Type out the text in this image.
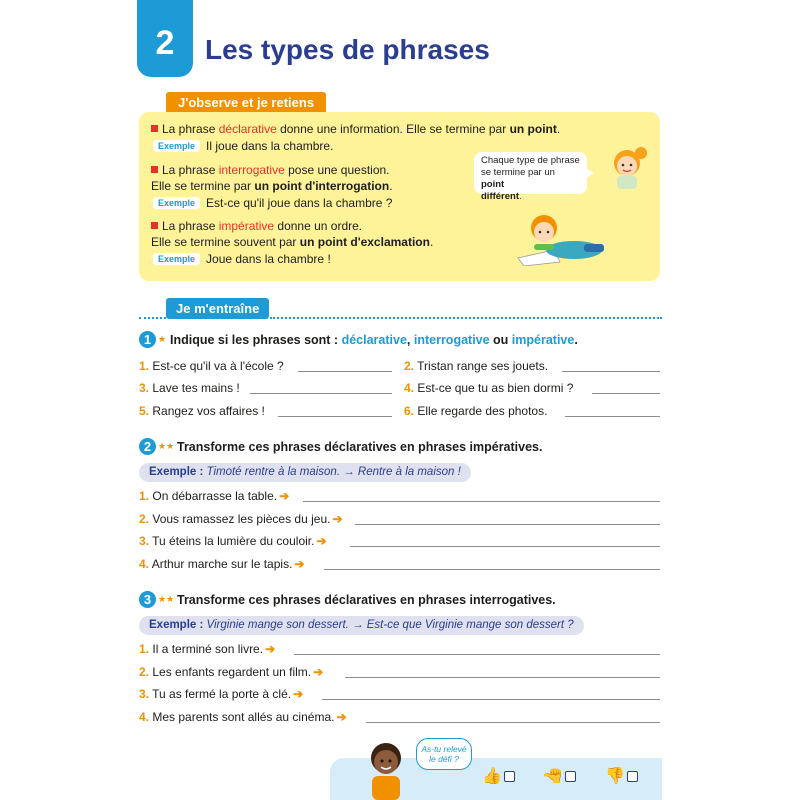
2	Les types de phrases
J'observe et je retiens
La phrase déclarative donne une information. Elle se termine par un point.
Exemple Il joue dans la chambre.
La phrase interrogative pose une question.
Elle se termine par un point d'interrogation.
Exemple Est-ce qu'il joue dans la chambre ?
La phrase impérative donne un ordre.
Elle se termine souvent par un point d'exclamation.
Exemple Joue dans la chambre !
Chaque type de phrase
se termine par un point
différent.
Je m'entraîne
1 ★ Indique si les phrases sont : déclarative, interrogative ou impérative.
1. Est-ce qu'il va à l'école ?	2. Tristan range ses jouets.
3. Lave tes mains !	4. Est-ce que tu as bien dormi ?
5. Rangez vos affaires !	6. Elle regarde des photos.
2 ★★ Transforme ces phrases déclaratives en phrases impératives.
Exemple : Timoté rentre à la maison. → Rentre à la maison !
1. On débarrasse la table. ➔
2. Vous ramassez les pièces du jeu. ➔
3. Tu éteins la lumière du couloir. ➔
4. Arthur marche sur le tapis. ➔
3 ★★ Transforme ces phrases déclaratives en phrases interrogatives.
Exemple : Virginie mange son dessert. → Est-ce que Virginie mange son dessert ?
1. Il a terminé son livre. ➔
2. Les enfants regardent un film. ➔
3. Tu as fermé la porte à clé. ➔
4. Mes parents sont allés au cinéma. ➔
As-tu relevé
le défi ?
👍	👍	👎
